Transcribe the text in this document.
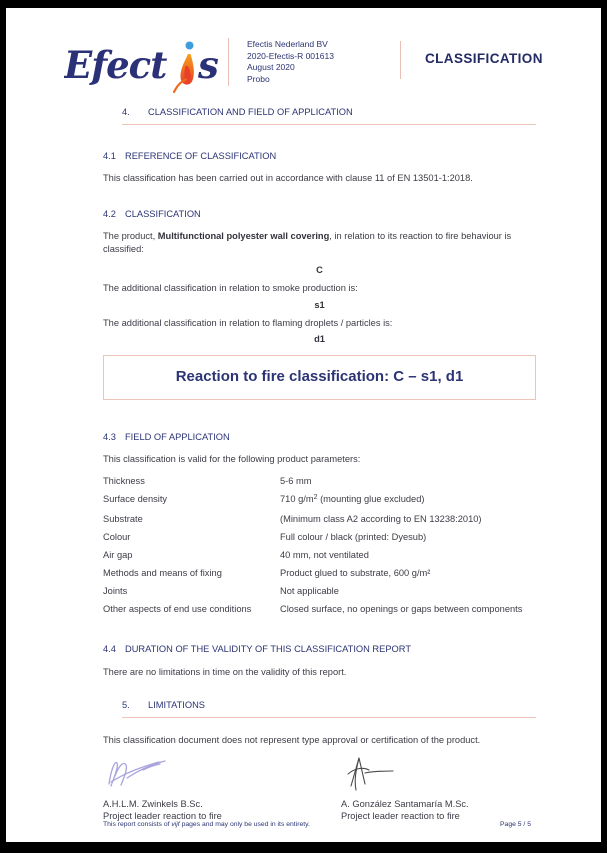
Efect s	Efectis Nederland BV
2020-Efectis-R 001613
August 2020
Probo
CLASSIFICATION
4. CLASSIFICATION AND FIELD OF APPLICATION
4.1 REFERENCE OF CLASSIFICATION
This classification has been carried out in accordance with clause 11 of EN 13501-1:2018.
4.2 CLASSIFICATION
The product, Multifunctional polyester wall covering, in relation to its reaction to fire behaviour is classified:
C
The additional classification in relation to smoke production is:
s1
The additional classification in relation to flaming droplets / particles is:
d1
Reaction to fire classification: C – s1, d1
4.3 FIELD OF APPLICATION
This classification is valid for the following product parameters:
Thickness	5-6 mm
Surface density	710 $g/m^2$ (mounting glue excluded)
Substrate	(Minimum class A2 according to EN 13238:2010)
Colour	Full colour / black (printed: Dyesub)
Air gap	40 mm, not ventilated
Methods and means of fixing	Product glued to substrate, 600 g/m²
Joints	Not applicable
Other aspects of end use conditions	Closed surface, no openings or gaps between components
4.4 DURATION OF THE VALIDITY OF THIS CLASSIFICATION REPORT
There are no limitations in time on the validity of this report.
5. LIMITATIONS
This classification document does not represent type approval or certification of the product.
A.H.L.M. Zwinkels B.Sc.
Project leader reaction to fire
A. González Santamaría M.Sc.
Project leader reaction to fire
This report consists of vijf pages and may only be used in its entirety.	Page 5 / 5
